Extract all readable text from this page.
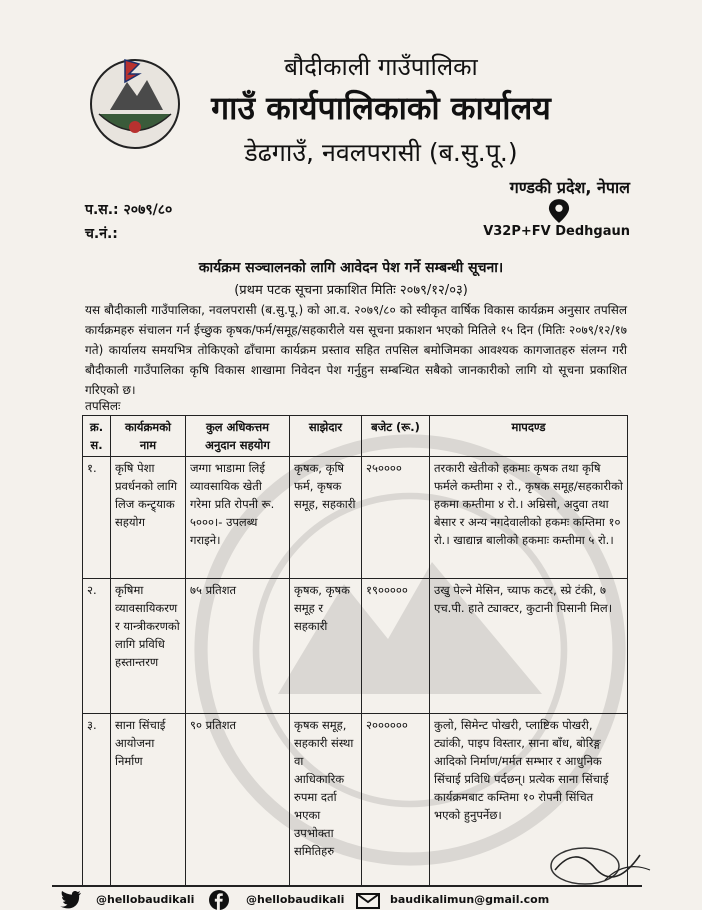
बौदीकाली गाउँपालिका
गाउँ कार्यपालिकाको कार्यालय
डेढगाउँ, नवलपरासी (ब.सु.पू.)
गण्डकी प्रदेश, नेपाल
V32P+FV Dedhgaun
प.स.: २०७९/८०
च.नं.:
कार्यक्रम सञ्चालनको लागि आवेदन पेश गर्ने सम्बन्धी सूचना।
(प्रथम पटक सूचना प्रकाशित मितिः २०७९/१२/०३)
यस बौदीकाली गाउँपालिका, नवलपरासी (ब.सु.पू.) को आ.व. २०७९/८० को स्वीकृत वार्षिक विकास कार्यक्रम अनुसार तपसिल कार्यक्रमहरु संचालन गर्न ईच्छुक कृषक/फर्म/समूह/सहकारीले यस सूचना प्रकाशन भएको मितिले १५ दिन (मितिः २०७९/१२/१७ गते) कार्यालय समयभित्र तोकिएको ढाँचामा कार्यक्रम प्रस्ताव सहित तपसिल बमोजिमका आवश्यक कागजातहरु संलग्न गरी बौदीकाली गाउँपालिका कृषि विकास शाखामा निवेदन पेश गर्नुहुन सम्बन्धित सबैको जानकारीको लागि यो सूचना प्रकाशित गरिएको छ।
तपसिलः
क्र. स.	कार्यक्रमको नाम	कुल अधिकत्तम अनुदान सहयोग	साझेदार	बजेट (रू.)	मापदण्ड
१.	कृषि पेशा प्रवर्धनको लागि लिज कन्ट्र्याक सहयोग	जग्गा भाडामा लिई व्यावसायिक खेती गरेमा प्रति रोपनी रू. ५०००।- उपलब्ध गराइने।	कृषक, कृषि फर्म, कृषक समूह, सहकारी	२५००००	तरकारी खेतीको हकमाः कृषक तथा कृषि फर्मले कम्तीमा २ रो., कृषक समूह/सहकारीको हकमा कम्तीमा ४ रो.। अम्रिसो, अदुवा तथा बेसार र अन्य नगदेवालीको हकमः कम्तिमा १० रो.। खाद्यान्न बालीको हकमाः कम्तीमा ५ रो.।
२.	कृषिमा व्यावसायिकरण र यान्त्रीकरणको लागि प्रविधि हस्तान्तरण	७५ प्रतिशत	कृषक, कृषक समूह र सहकारी	१९०००००	उखु पेल्ने मेसिन, च्याफ कटर, स्प्रे टंकी, ७ एच.पी. हाते ट्याक्टर, कुटानी पिसानी मिल।
३.	साना सिंचाई आयोजना निर्माण	९० प्रतिशत	कृषक समूह, सहकारी संस्था वा आधिकारिक रुपमा दर्ता भएका उपभोक्ता समितिहरु	२००००००	कुलो, सिमेन्ट पोखरी, प्लाष्टिक पोखरी, ट्यांकी, पाइप विस्तार, साना बाँध, बोरिङ्ग आदिको निर्माण/मर्मत सम्भार र आधुनिक सिंचाई प्रविधि पर्दछन्। प्रत्येक साना सिंचाई कार्यक्रमबाट कम्तिमा १० रोपनी सिंचित भएको हुनुपर्नेछ।
@hellobaudikali	@hellobaudikali	baudikalimun@gmail.com
